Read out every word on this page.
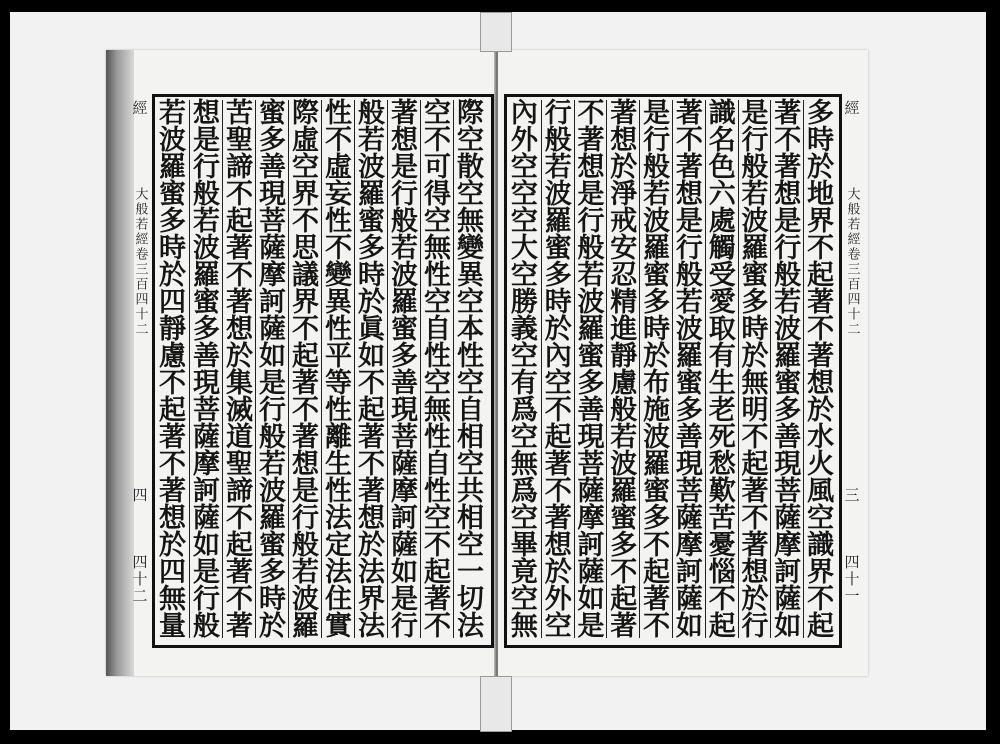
經
大般若經卷三百四十二
四
四十二
際
空
散
空
無
變
異
空
本
性
空
自
相
空
共
相
空
一
切
法
空
不
可
得
空
無
性
空
自
性
空
無
性
自
性
空
不
起
著
不
著
想
是
行
般
若
波
羅
蜜
多
善
現
菩
薩
摩
訶
薩
如
是
行
般
若
波
羅
蜜
多
時
於
眞
如
不
起
著
不
著
想
於
法
界
法
性
不
虛
妄
性
不
變
異
性
平
等
性
離
生
性
法
定
法
住
實
際
虛
空
界
不
思
議
界
不
起
著
不
著
想
是
行
般
若
波
羅
蜜
多
善
現
菩
薩
摩
訶
薩
如
是
行
般
若
波
羅
蜜
多
時
於
苦
聖
諦
不
起
著
不
著
想
於
集
滅
道
聖
諦
不
起
著
不
著
想
是
行
般
若
波
羅
蜜
多
善
現
菩
薩
摩
訶
薩
如
是
行
般
若
波
羅
蜜
多
時
於
四
靜
慮
不
起
著
不
著
想
於
四
無
量
經
大般若經卷三百四十二
三
四十一
多
時
於
地
界
不
起
著
不
著
想
於
水
火
風
空
識
界
不
起
著
不
著
想
是
行
般
若
波
羅
蜜
多
善
現
菩
薩
摩
訶
薩
如
是
行
般
若
波
羅
蜜
多
時
於
無
明
不
起
著
不
著
想
於
行
識
名
色
六
處
觸
受
愛
取
有
生
老
死
愁
歎
苦
憂
惱
不
起
著
不
著
想
是
行
般
若
波
羅
蜜
多
善
現
菩
薩
摩
訶
薩
如
是
行
般
若
波
羅
蜜
多
時
於
布
施
波
羅
蜜
多
不
起
著
不
著
想
於
淨
戒
安
忍
精
進
靜
慮
般
若
波
羅
蜜
多
不
起
著
不
著
想
是
行
般
若
波
羅
蜜
多
善
現
菩
薩
摩
訶
薩
如
是
行
般
若
波
羅
蜜
多
時
於
內
空
不
起
著
不
著
想
於
外
空
內
外
空
空
空
大
空
勝
義
空
有
爲
空
無
爲
空
畢
竟
空
無
